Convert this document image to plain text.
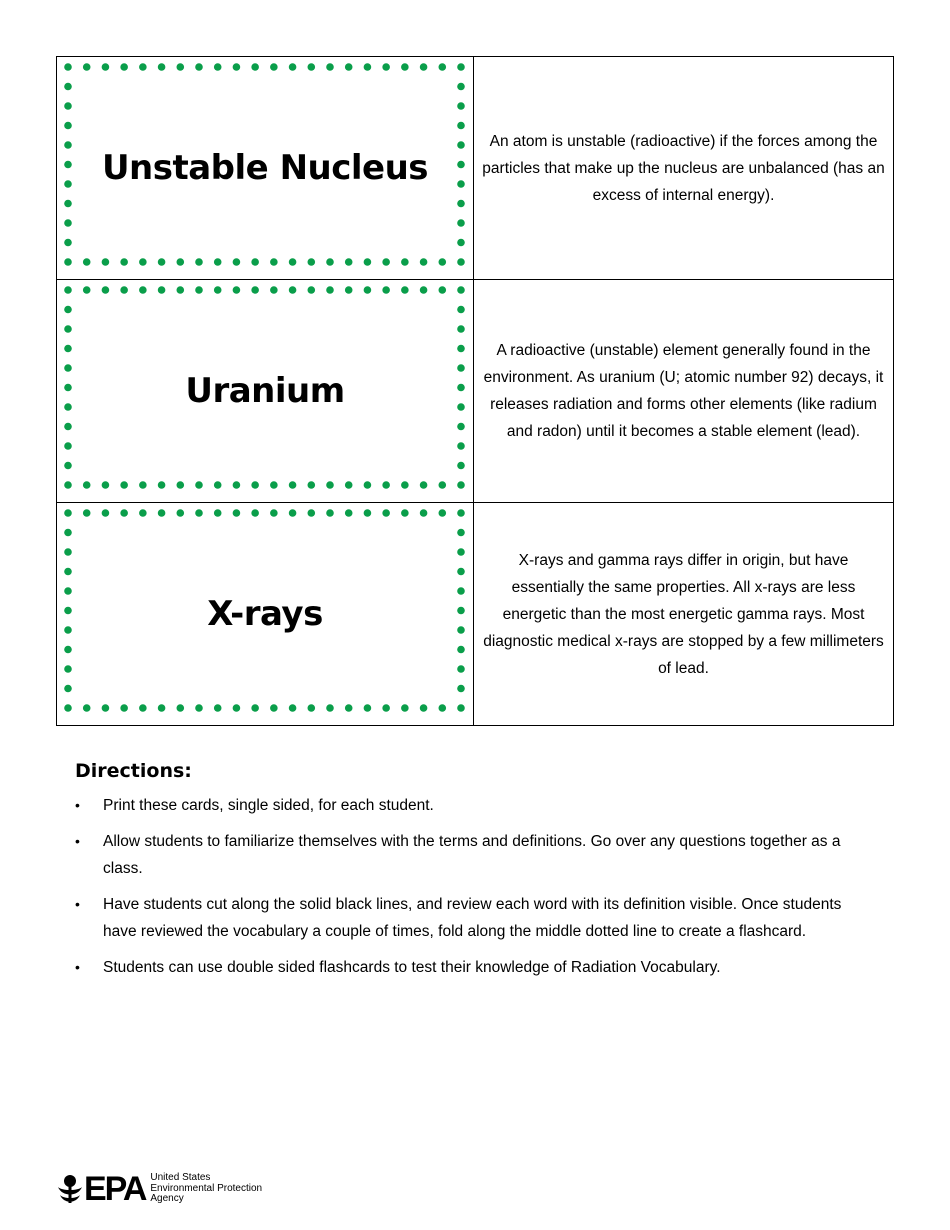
Unstable Nucleus	An atom is unstable (radioactive) if the forces among the particles that make up the nucleus are unbalanced (has an excess of internal energy).

Uranium	A radioactive (unstable) element generally found in the environment. As uranium (U; atomic number 92) decays, it releases radiation and forms other elements (like radium and radon) until it becomes a stable element (lead).

X-rays	X-rays and gamma rays differ in origin, but have essentially the same properties. All x-rays are less energetic than the most energetic gamma rays. Most diagnostic medical x-rays are stopped by a few millimeters of lead.
Directions:
•	Print these cards, single sided, for each student.
•	Allow students to familiarize themselves with the terms and definitions. Go over any questions together as a class.
•	Have students cut along the solid black lines, and review each word with its definition visible. Once students have reviewed the vocabulary a couple of times, fold along the middle dotted line to create a flashcard.
•	Students can use double sided flashcards to test their knowledge of Radiation Vocabulary.
EPA United States
Environmental Protection
Agency
